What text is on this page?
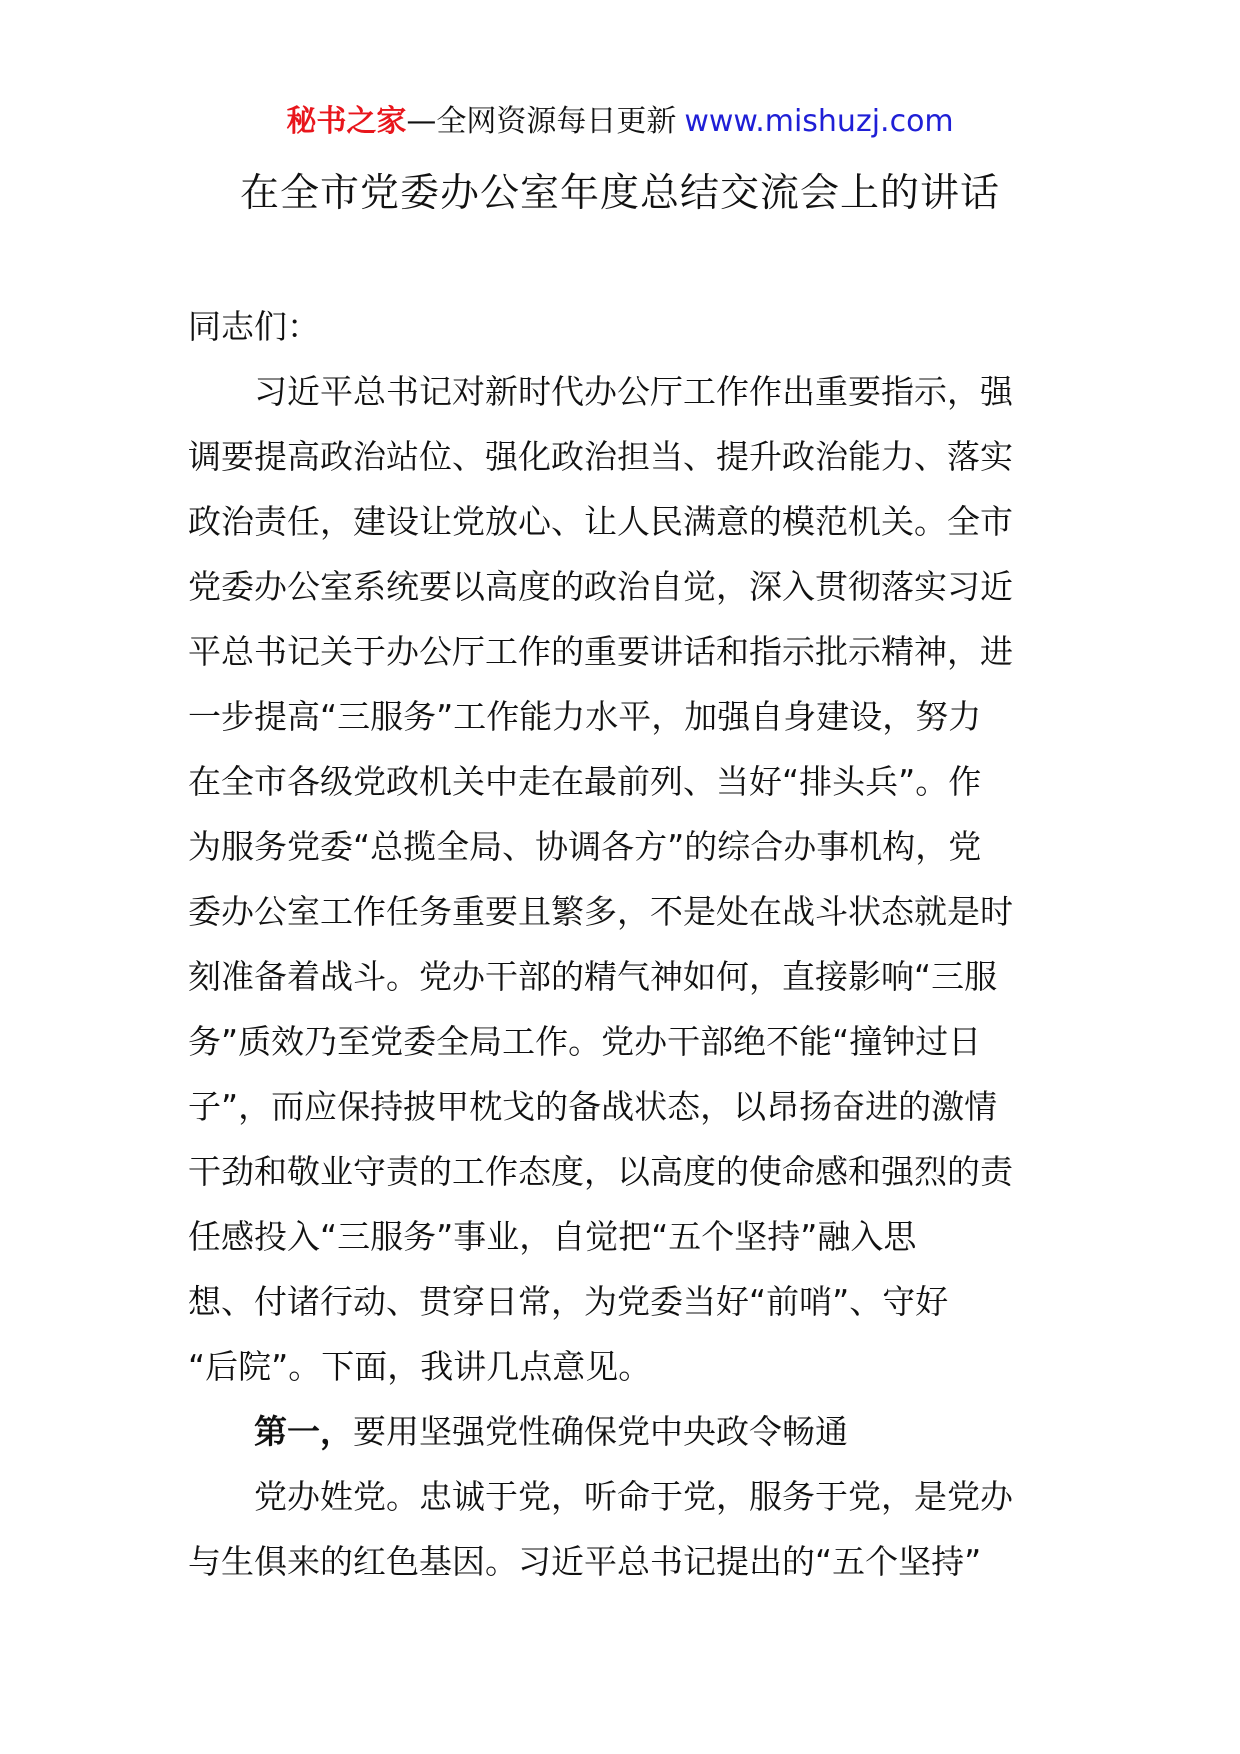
秘书之家—全网资源每日更新 www.mishuzj.com
在全市党委办公室年度总结交流会上的讲话
同志们：
习近平总书记对新时代办公厅工作作出重要指示，强
调要提高政治站位、强化政治担当、提升政治能力、落实
政治责任，建设让党放心、让人民满意的模范机关。全市
党委办公室系统要以高度的政治自觉，深入贯彻落实习近
平总书记关于办公厅工作的重要讲话和指示批示精神，进
一步提高“三服务”工作能力水平，加强自身建设，努力
在全市各级党政机关中走在最前列、当好“排头兵”。作
为服务党委“总揽全局、协调各方”的综合办事机构，党
委办公室工作任务重要且繁多，不是处在战斗状态就是时
刻准备着战斗。党办干部的精气神如何，直接影响“三服
务”质效乃至党委全局工作。党办干部绝不能“撞钟过日
子”，而应保持披甲枕戈的备战状态，以昂扬奋进的激情
干劲和敬业守责的工作态度，以高度的使命感和强烈的责
任感投入“三服务”事业，自觉把“五个坚持”融入思
想、付诸行动、贯穿日常，为党委当好“前哨”、守好
“后院”。下面，我讲几点意见。
第一， 要用坚强党性确保党中央政令畅通
党办姓党。忠诚于党，听命于党，服务于党，是党办
与生俱来的红色基因。习近平总书记提出的“五个坚持”
